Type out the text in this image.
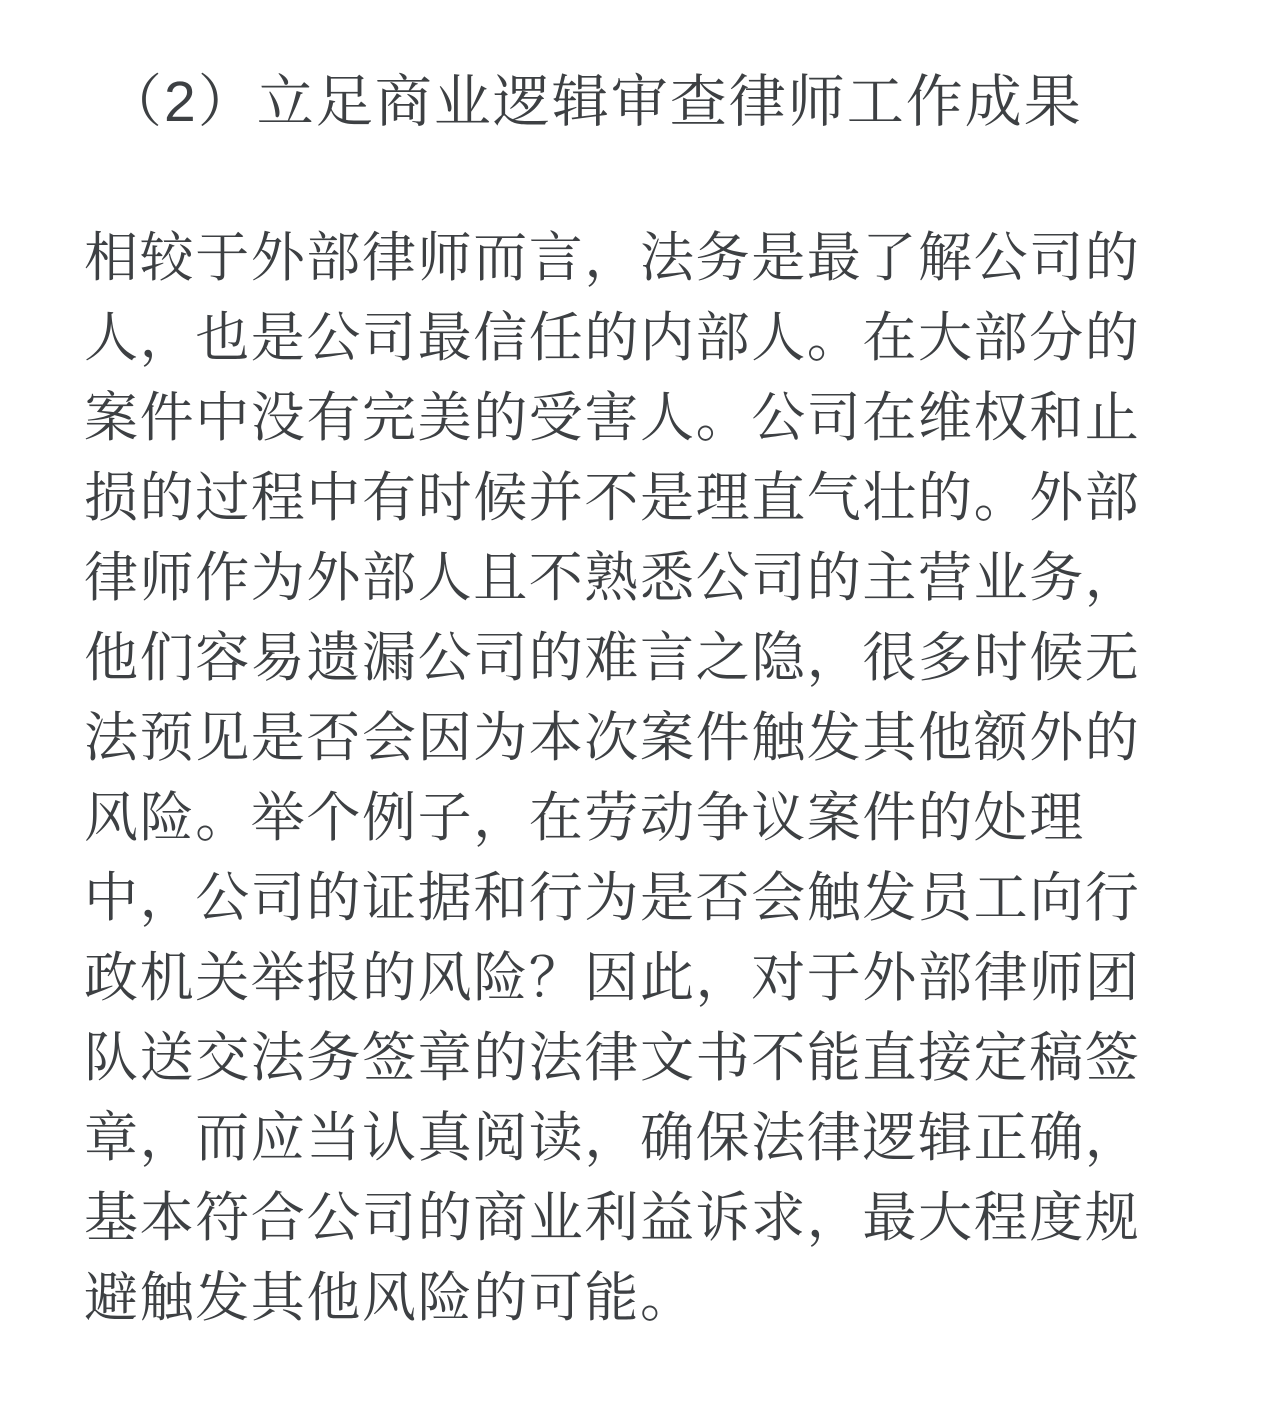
（2）立足商业逻辑审查律师工作成果
相较于外部律师而言，法务是最了解公司的
人，也是公司最信任的内部人。在大部分的
案件中没有完美的受害人。公司在维权和止
损的过程中有时候并不是理直气壮的。外部
律师作为外部人且不熟悉公司的主营业务，
他们容易遗漏公司的难言之隐，很多时候无
法预见是否会因为本次案件触发其他额外的
风险。举个例子，在劳动争议案件的处理
中，公司的证据和行为是否会触发员工向行
政机关举报的风险？因此，对于外部律师团
队送交法务签章的法律文书不能直接定稿签
章，而应当认真阅读，确保法律逻辑正确，
基本符合公司的商业利益诉求，最大程度规
避触发其他风险的可能。
